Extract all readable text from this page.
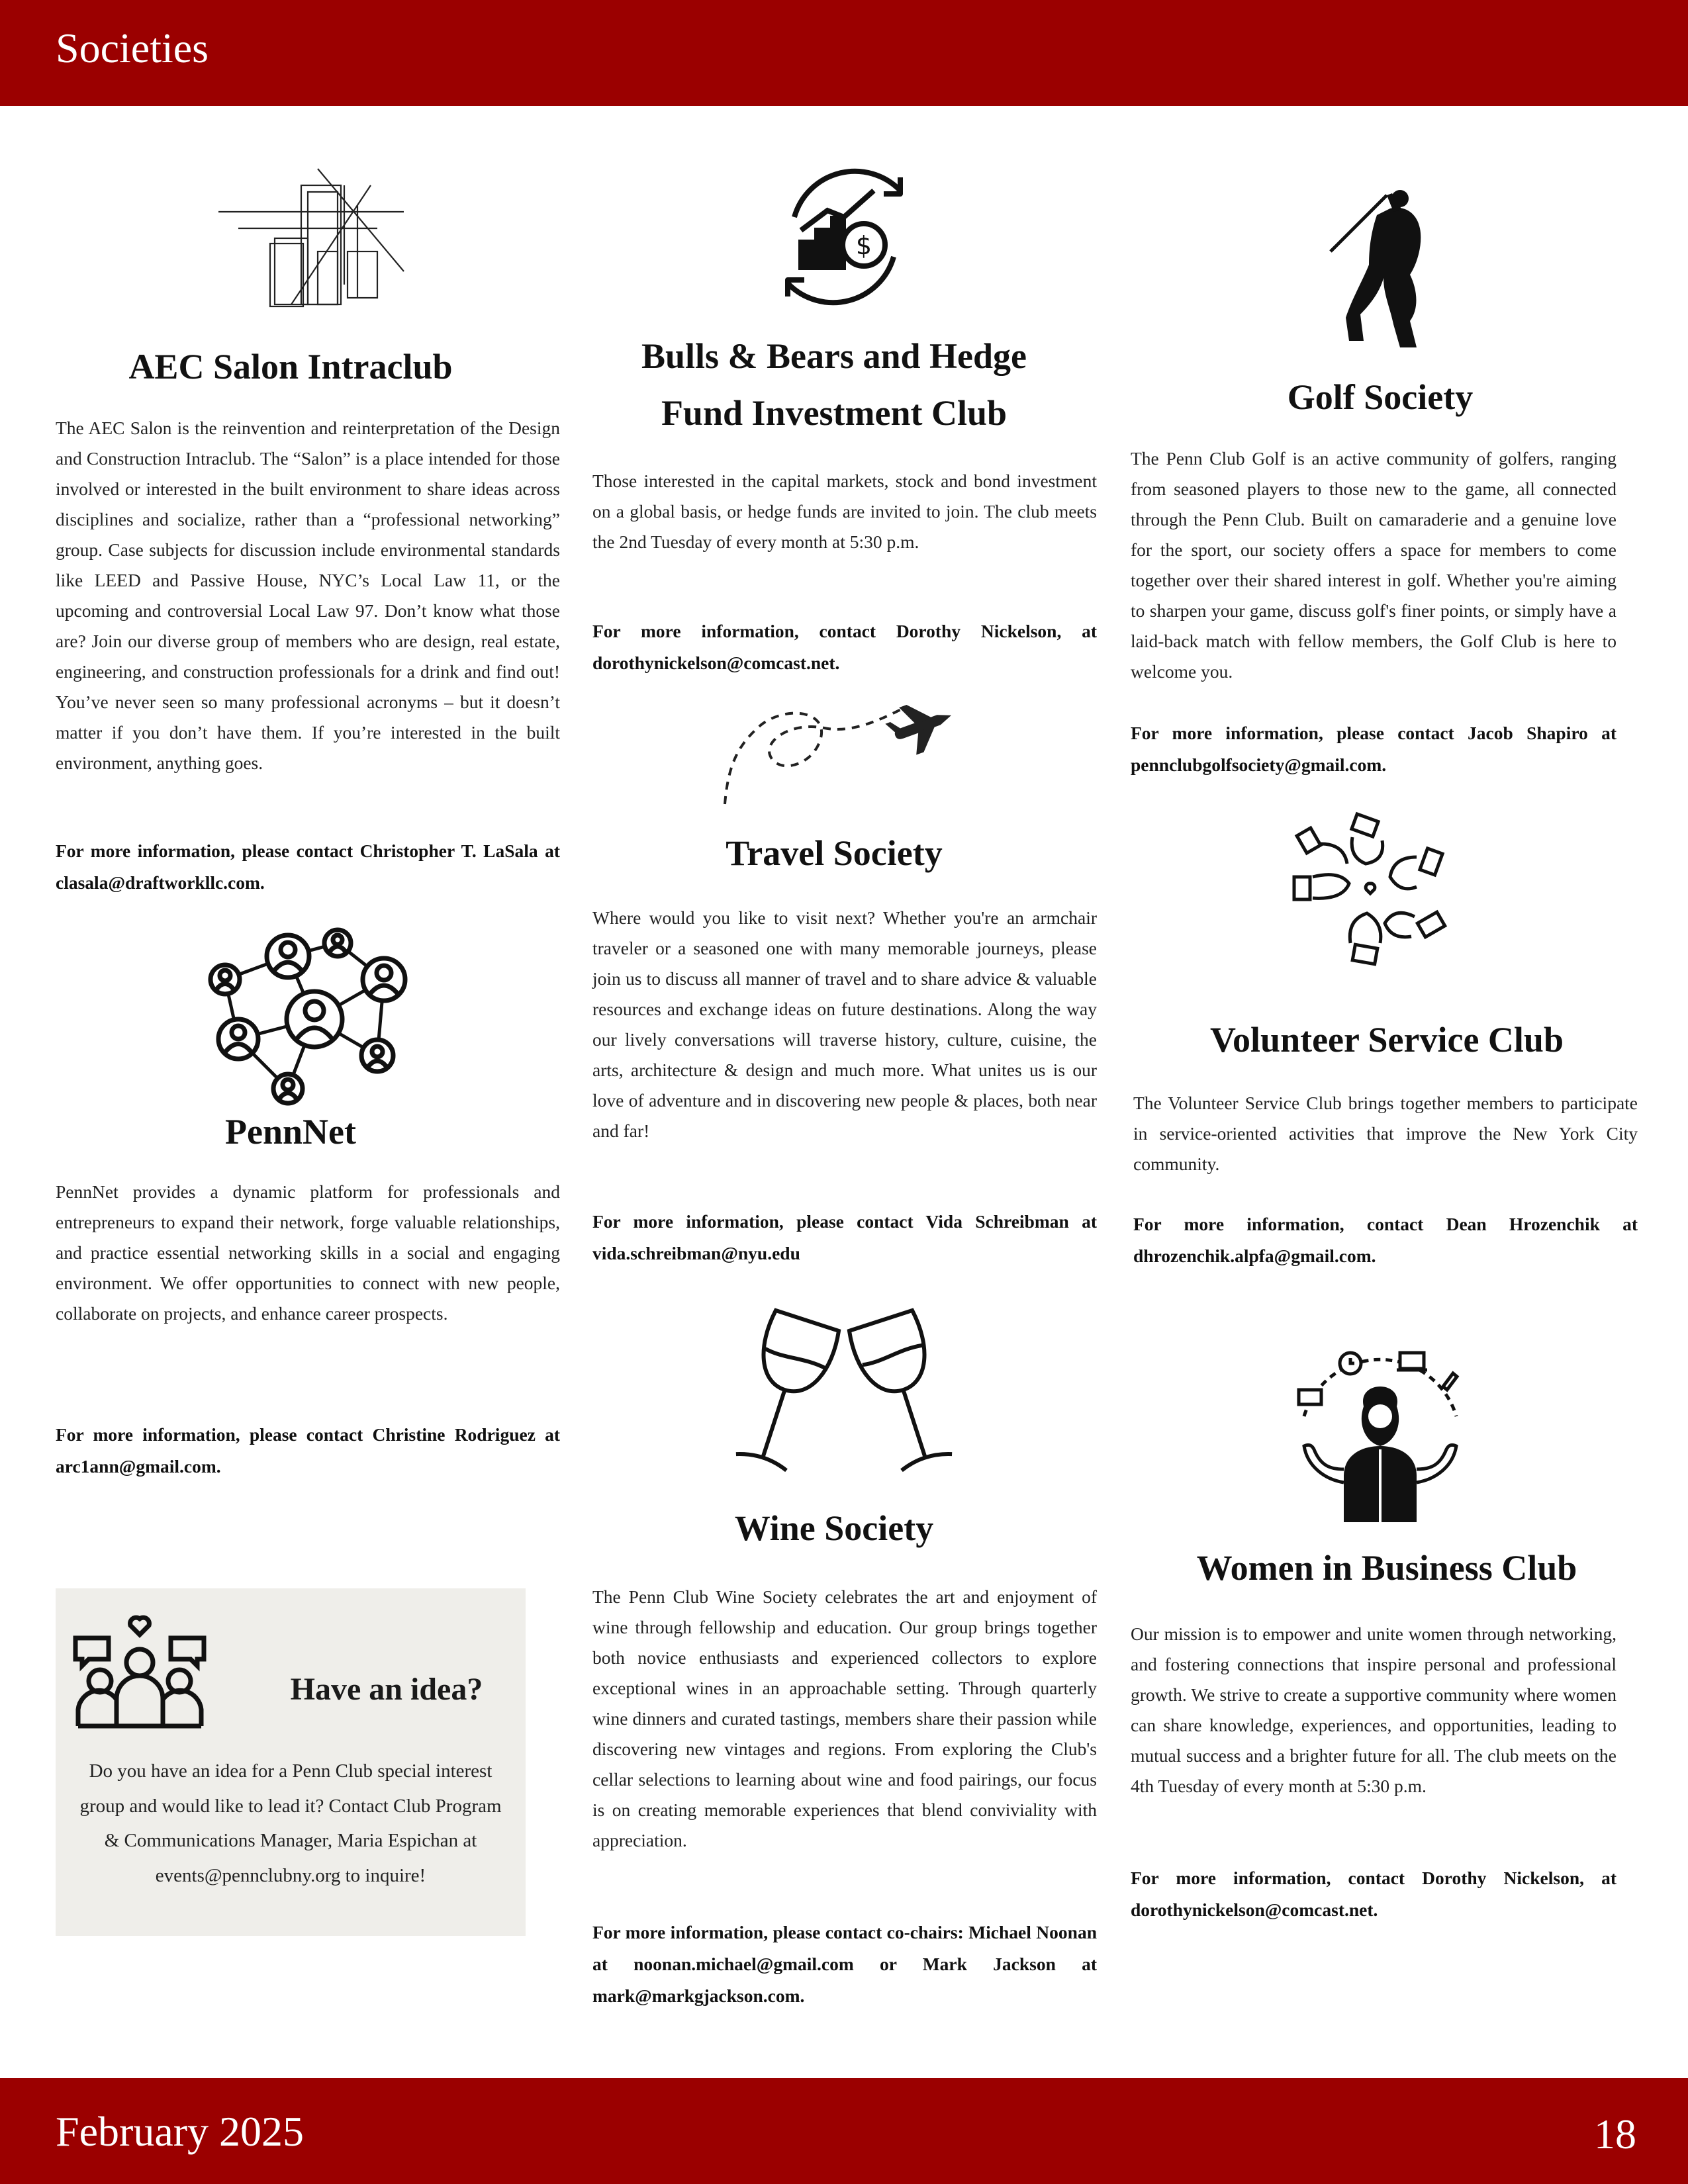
Societies
AEC Salon Intraclub

The AEC Salon is the reinvention and reinterpretation of the Design and Construction Intraclub. The “Salon” is a place intended for those involved or interested in the built environment to share ideas across disciplines and socialize, rather than a “professional networking” group. Case subjects for discussion include environmental standards like LEED and Passive House, NYC’s Local Law 11, or the upcoming and controversial Local Law 97. Don’t know what those are? Join our diverse group of members who are design, real estate, engineering, and construction professionals for a drink and find out! You’ve never seen so many professional acronyms – but it doesn’t matter if you don’t have them. If you’re interested in the built environment, anything goes.

For more information, please contact Christopher T. LaSala at clasala@draftworkllc.com.

PennNet

PennNet provides a dynamic platform for professionals and entrepreneurs to expand their network, forge valuable relationships, and practice essential networking skills in a social and engaging environment. We offer opportunities to connect with new people, collaborate on projects, and enhance career prospects.

For more information, please contact Christine Rodriguez at arc1ann@gmail.com.

Have an idea?
Do you have an idea for a Penn Club special interest group and would like to lead it? Contact Club Program & Communications Manager, Maria Espichan at events@pennclubny.org to inquire!
$
Bulls & Bears and Hedge
Fund Investment Club

Those interested in the capital markets, stock and bond investment on a global basis, or hedge funds are invited to join. The club meets the 2nd Tuesday of every month at 5:30 p.m.

For more information, contact Dorothy Nickelson, at dorothynickelson@comcast.net.

Travel Society

Where would you like to visit next? Whether you're an armchair traveler or a seasoned one with many memorable journeys, please join us to discuss all manner of travel and to share advice & valuable resources and exchange ideas on future destinations. Along the way our lively conversations will traverse history, culture, cuisine, the arts, architecture & design and much more. What unites us is our love of adventure and in discovering new people & places, both near and far!

For more information, please contact Vida Schreibman at vida.schreibman@nyu.edu

Wine Society

The Penn Club Wine Society celebrates the art and enjoyment of wine through fellowship and education. Our group brings together both novice enthusiasts and experienced collectors to explore exceptional wines in an approachable setting. Through quarterly wine dinners and curated tastings, members share their passion while discovering new vintages and regions. From exploring the Club's cellar selections to learning about wine and food pairings, our focus is on creating memorable experiences that blend conviviality with appreciation.

For more information, please contact co-chairs: Michael Noonan at noonan.michael@gmail.com or Mark Jackson at mark@markgjackson.com.

Golf Society

The Penn Club Golf is an active community of golfers, ranging from seasoned players to those new to the game, all connected through the Penn Club. Built on camaraderie and a genuine love for the sport, our society offers a space for members to come together over their shared interest in golf. Whether you're aiming to sharpen your game, discuss golf's finer points, or simply have a laid-back match with fellow members, the Golf Club is here to welcome you.

For more information, please contact Jacob Shapiro at pennclubgolfsociety@gmail.com.

Volunteer Service Club

The Volunteer Service Club brings together members to participate in service-oriented activities that improve the New York City community.

For more information, contact Dean Hrozenchik at dhrozenchik.alpfa@gmail.com.

Women in Business Club

Our mission is to empower and unite women through networking, and fostering connections that inspire personal and professional growth. We strive to create a supportive community where women can share knowledge, experiences, and opportunities, leading to mutual success and a brighter future for all. The club meets on the 4th Tuesday of every month at 5:30 p.m.

For more information, contact Dorothy Nickelson, at dorothynickelson@comcast.net.

February 2025	18
